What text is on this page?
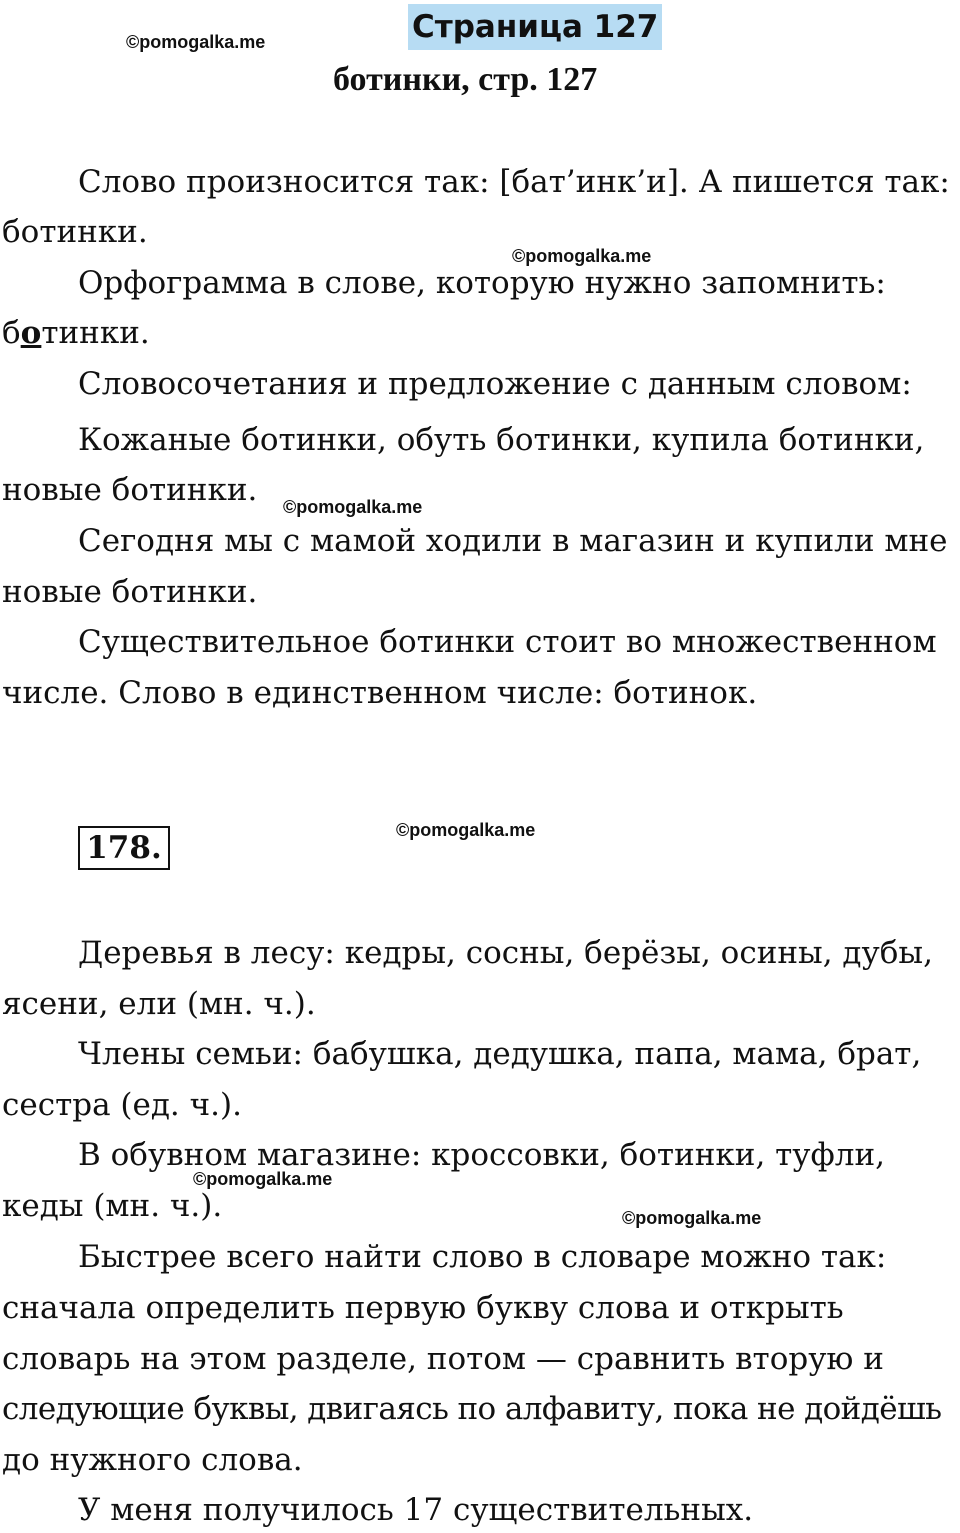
©pomogalka.me	Страница 127
ботинки, стр. 127
Слово произносится так: [бат’инк’и]. А пишется так:
ботинки.
©pomogalka.me
Орфограмма в слове, которую нужно запомнить:
ботинки.
Словосочетания и предложение с данным словом:
Кожаные ботинки, обуть ботинки, купила ботинки,
новые ботинки. ©pomogalka.me
Сегодня мы с мамой ходили в магазин и купили мне
новые ботинки.
Существительное ботинки стоит во множественном
числе. Слово в единственном числе: ботинок.
178.	©pomogalka.me
Деревья в лесу: кедры, сосны, берёзы, осины, дубы,
ясени, ели (мн. ч.).
Члены семьи: бабушка, дедушка, папа, мама, брат,
сестра (ед. ч.).
В обувном магазине: кроссовки, ботинки, туфли,
©pomogalka.me
кеды (мн. ч.).	©pomogalka.me
Быстрее всего найти слово в словаре можно так:
сначала определить первую букву слова и открыть
словарь на этом разделе, потом — сравнить вторую и
следующие буквы, двигаясь по алфавиту, пока не дойдёшь
до нужного слова.
У меня получилось 17 существительных.
